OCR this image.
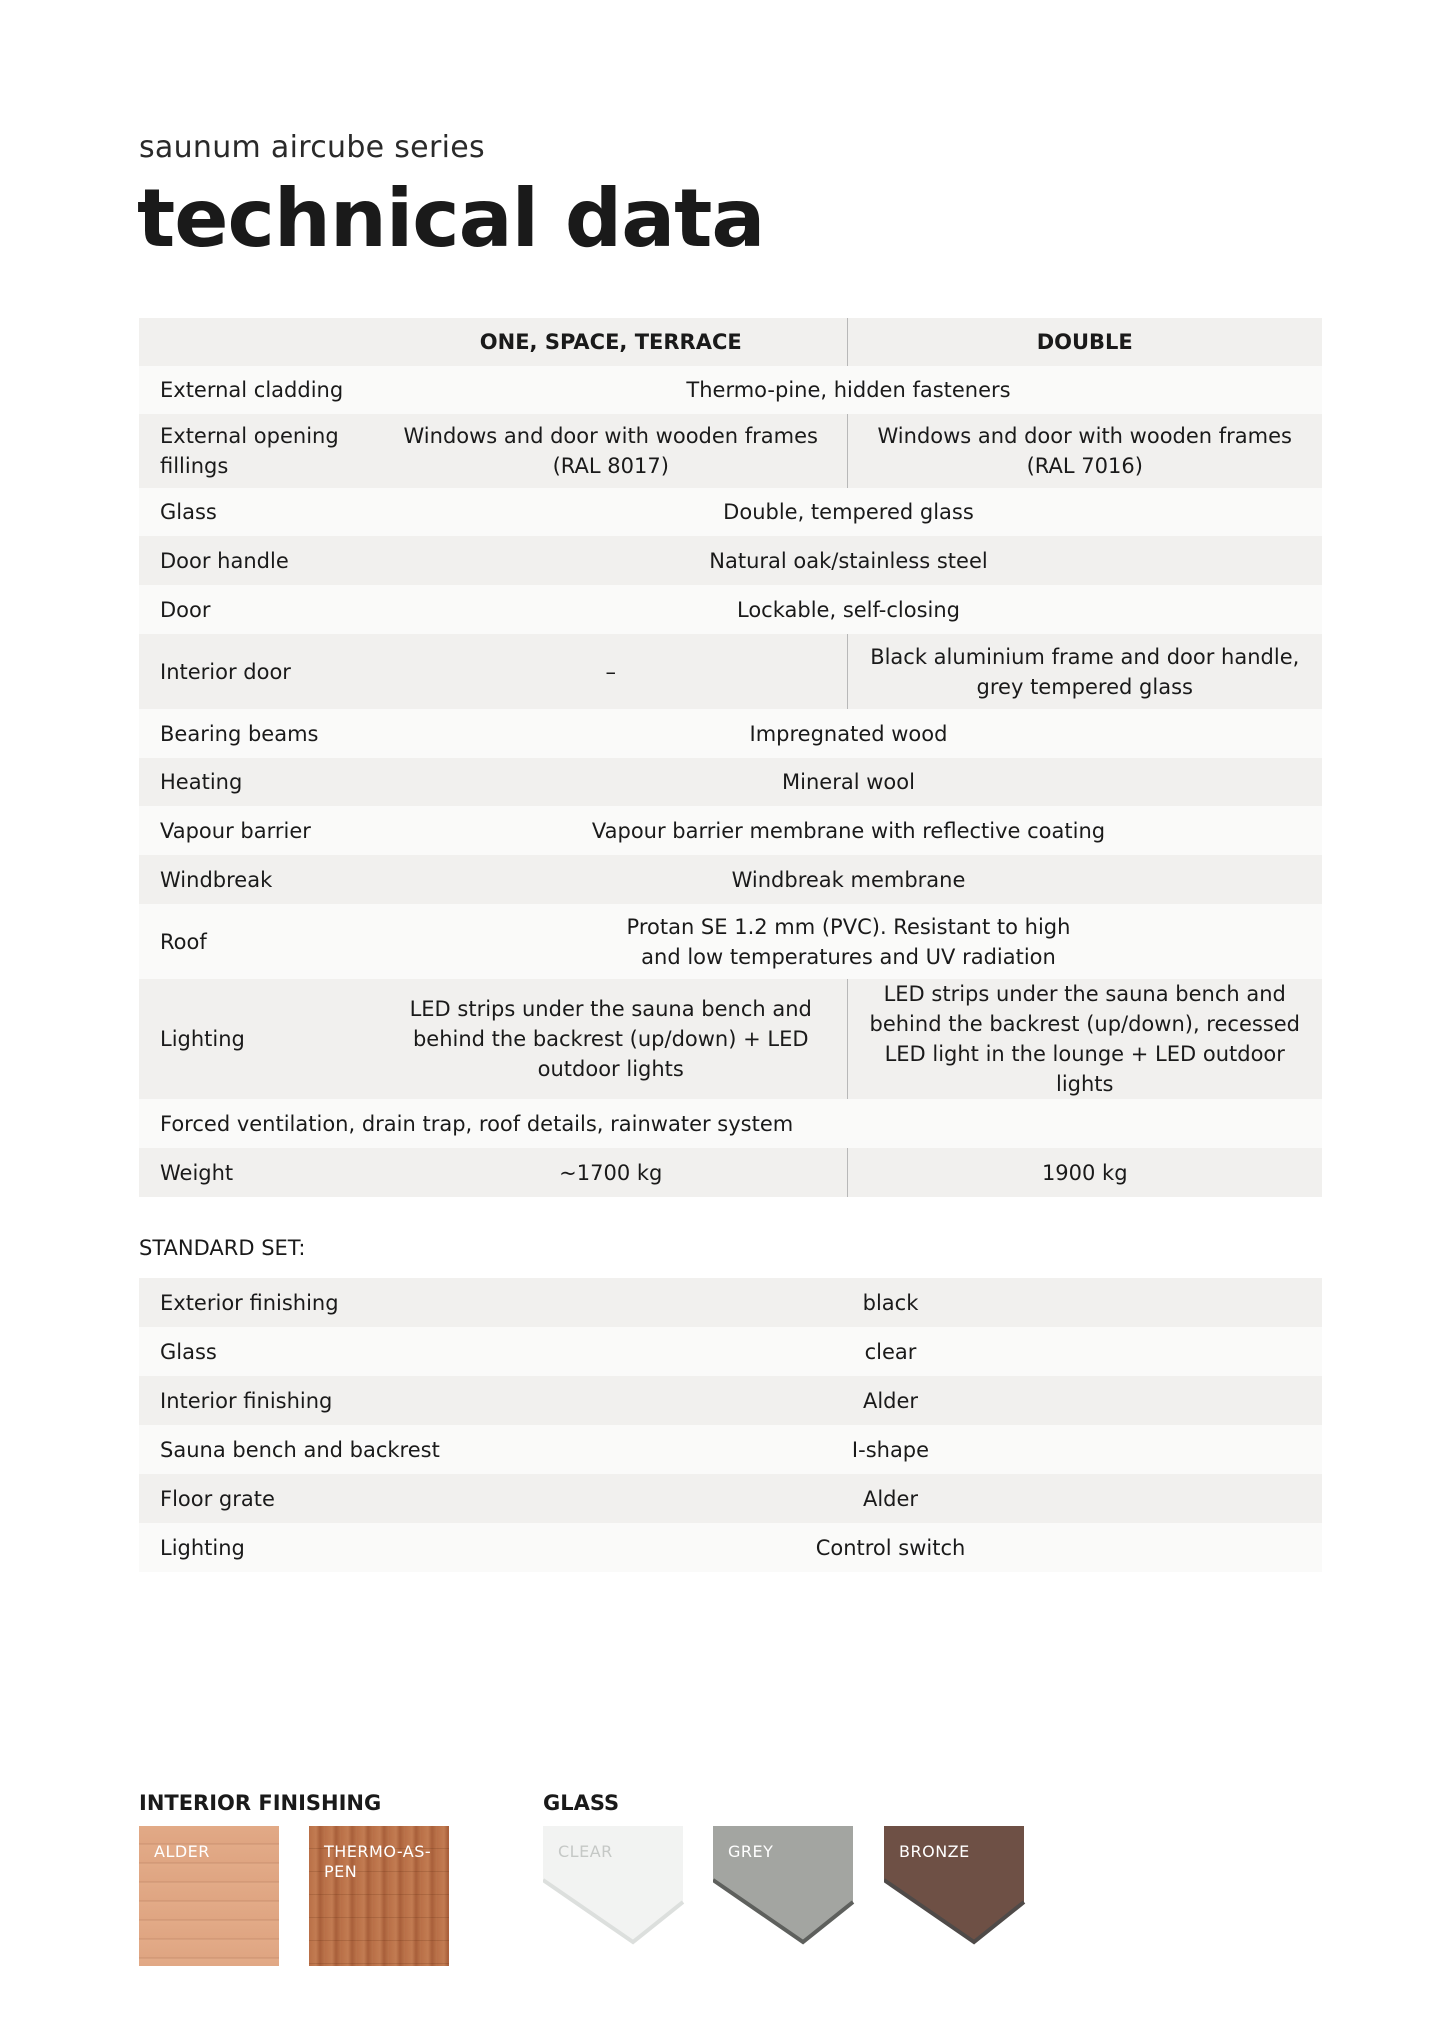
saunum aircube series
technical data
	ONE, SPACE, TERRACE	DOUBLE
External cladding	Thermo-pine, hidden fasteners	
External opening fillings	Windows and door with wooden frames (RAL 8017)	Windows and door with wooden frames (RAL 7016)
Glass	Double, tempered glass	
Door handle	Natural oak/stainless steel	
Door	Lockable, self-closing	
Interior door	–	Black aluminium frame and door handle, grey tempered glass
Bearing beams	Impregnated wood	
Heating	Mineral wool	
Vapour barrier	Vapour barrier membrane with reflective coating	
Windbreak	Windbreak membrane	
Roof	Protan SE 1.2 mm (PVC). Resistant to high and low temperatures and UV radiation	

Lighting	LED strips under the sauna bench and behind the backrest (up/down) + LED outdoor lights	LED strips under the sauna bench and behind the backrest (up/down), recessed LED light in the lounge + LED outdoor lights
Forced ventilation, drain trap, roof details, rainwater system		
Weight	~1700 kg	1900 kg
STANDARD SET:
Exterior finishing	black
Glass	clear
Interior finishing	Alder
Sauna bench and backrest	I-shape
Floor grate	Alder
Lighting	Control switch
INTERIOR FINISHING	GLASS
ALDER	THERMO-AS-
PEN
CLEAR	GREY	BRONZE
